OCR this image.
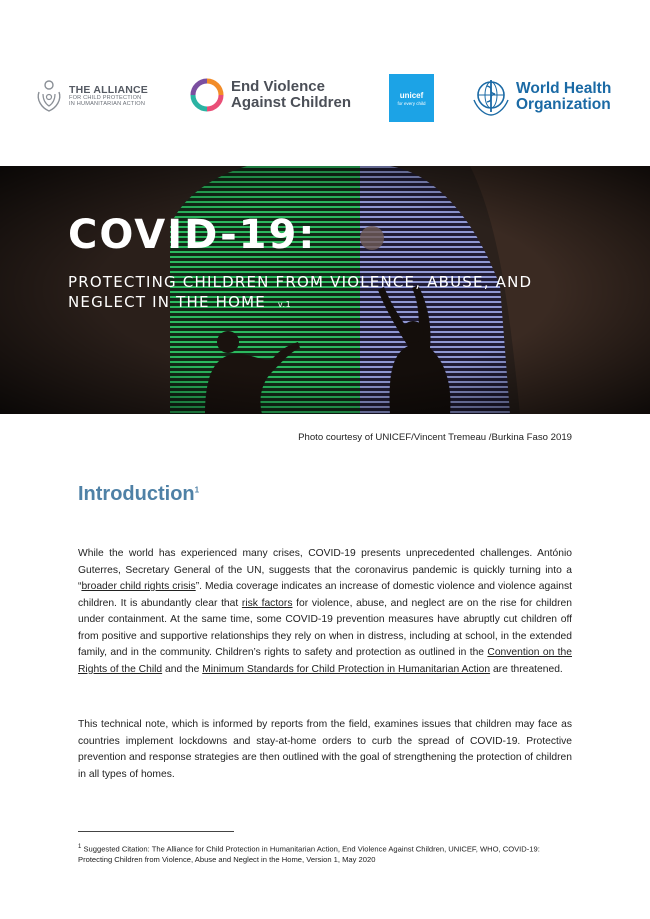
THE ALLIANCE
FOR CHILD PROTECTION
IN HUMANITARIAN ACTION
End Violence
Against Children	unicef
for every child
World Health
Organization
COVID-19:
PROTECTING CHILDREN FROM VIOLENCE, ABUSE, AND
NEGLECT IN THE HOME v.1
Photo courtesy of UNICEF/Vincent Tremeau /Burkina Faso 2019
Introduction$^1$

While the world has experienced many crises, COVID-19 presents unprecedented challenges. António Guterres, Secretary General of the UN, suggests that the coronavirus pandemic is quickly turning into a “broader child rights crisis”. Media coverage indicates an increase of domestic violence and violence against children. It is abundantly clear that risk factors for violence, abuse, and neglect are on the rise for children under containment. At the same time, some COVID-19 prevention measures have abruptly cut children off from positive and supportive relationships they rely on when in distress, including at school, in the extended family, and in the community. Children’s rights to safety and protection as outlined in the Convention on the Rights of the Child and the Minimum Standards for Child Protection in Humanitarian Action are threatened.

This technical note, which is informed by reports from the field, examines issues that children may face as countries implement lockdowns and stay-at-home orders to curb the spread of COVID-19. Protective prevention and response strategies are then outlined with the goal of strengthening the protection of children in all types of homes.

$^1$ Suggested Citation: The Alliance for Child Protection in Humanitarian Action, End Violence Against Children, UNICEF, WHO, COVID-19: Protecting Children from Violence, Abuse and Neglect in the Home, Version 1, May 2020
